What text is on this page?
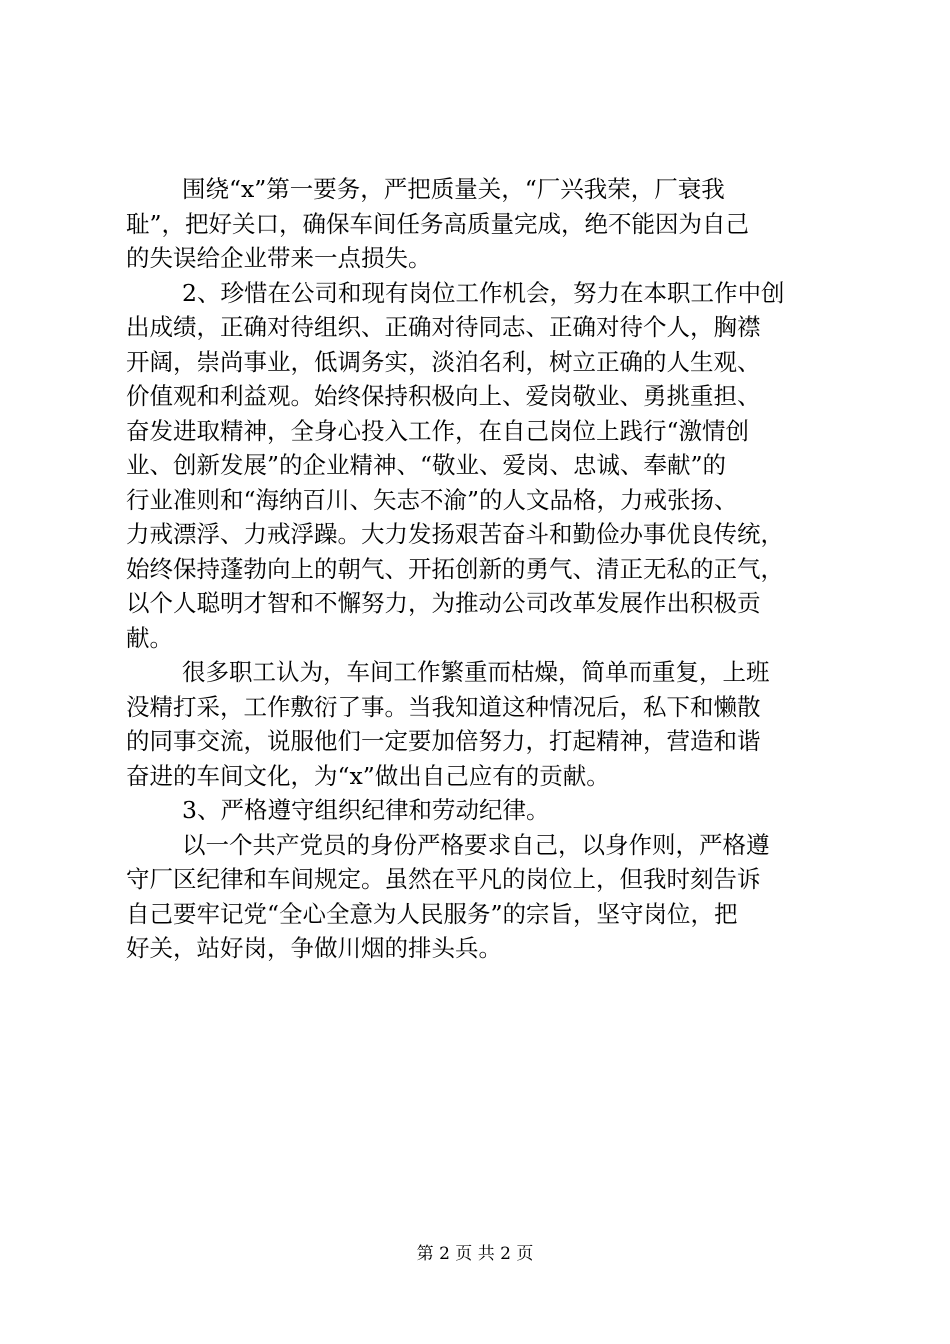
围绕“x”第一要务，严把质量关，“厂兴我荣，厂衰我
耻”，把好关口，确保车间任务高质量完成，绝不能因为自己
的失误给企业带来一点损失。
2、珍惜在公司和现有岗位工作机会，努力在本职工作中创
出成绩，正确对待组织、正确对待同志、正确对待个人，胸襟
开阔，崇尚事业，低调务实，淡泊名利，树立正确的人生观、
价值观和利益观。始终保持积极向上、爱岗敬业、勇挑重担、
奋发进取精神，全身心投入工作，在自己岗位上践行“激情创
业、创新发展”的企业精神、“敬业、爱岗、忠诚、奉献”的
行业准则和“海纳百川、矢志不渝”的人文品格，力戒张扬、
力戒漂浮、力戒浮躁。大力发扬艰苦奋斗和勤俭办事优良传统，
始终保持蓬勃向上的朝气、开拓创新的勇气、清正无私的正气，
以个人聪明才智和不懈努力，为推动公司改革发展作出积极贡
献。
很多职工认为，车间工作繁重而枯燥，简单而重复，上班
没精打采，工作敷衍了事。当我知道这种情况后，私下和懒散
的同事交流，说服他们一定要加倍努力，打起精神，营造和谐
奋进的车间文化，为“x”做出自己应有的贡献。
3、严格遵守组织纪律和劳动纪律。
以一个共产党员的身份严格要求自己，以身作则，严格遵
守厂区纪律和车间规定。虽然在平凡的岗位上，但我时刻告诉
自己要牢记党“全心全意为人民服务”的宗旨，坚守岗位，把
好关，站好岗，争做川烟的排头兵。
第 2 页 共 2 页
